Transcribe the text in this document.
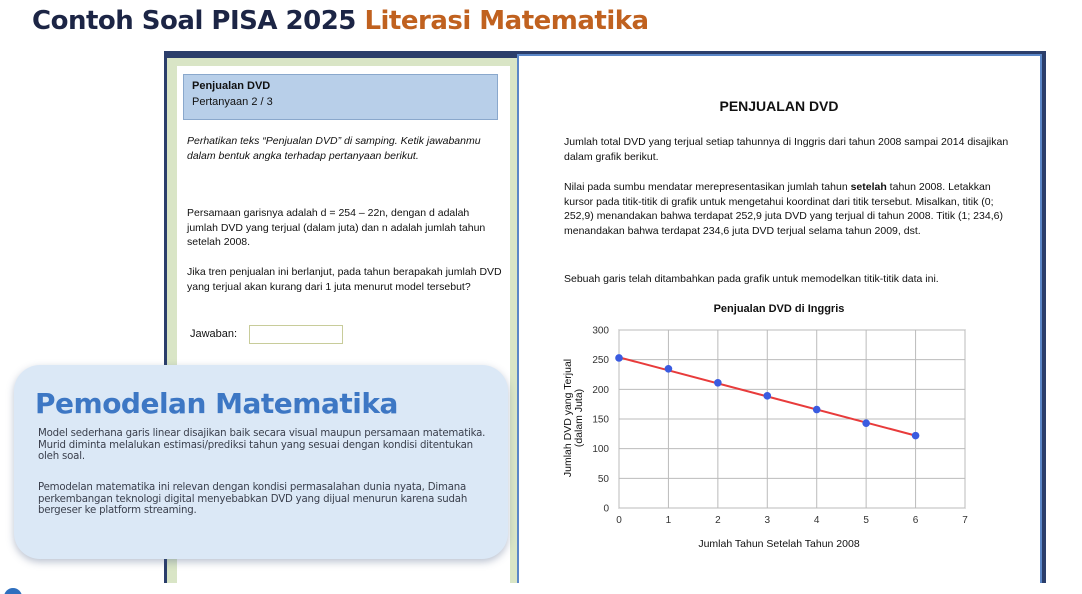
Contoh Soal PISA 2025 Literasi Matematika
Penjualan DVD
Pertanyaan 2 / 3
Perhatikan teks “Penjualan DVD” di samping. Ketik jawabanmu dalam bentuk angka terhadap pertanyaan berikut.
Persamaan garisnya adalah d = 254 – 22n, dengan d adalah jumlah DVD yang terjual (dalam juta) dan n adalah jumlah tahun setelah 2008.
Jika tren penjualan ini berlanjut, pada tahun berapakah jumlah DVD yang terjual akan kurang dari 1 juta menurut model tersebut?
Jawaban:
PENJUALAN DVD
Jumlah total DVD yang terjual setiap tahunnya di Inggris dari tahun 2008 sampai 2014 disajikan dalam grafik berikut.
Nilai pada sumbu mendatar merepresentasikan jumlah tahun setelah tahun 2008. Letakkan kursor pada titik-titik di grafik untuk mengetahui koordinat dari titik tersebut. Misalkan, titik (0; 252,9) menandakan bahwa terdapat 252,9 juta DVD yang terjual di tahun 2008. Titik (1; 234,6) menandakan bahwa terdapat 234,6 juta DVD terjual selama tahun 2009, dst.
Sebuah garis telah ditambahkan pada grafik untuk memodelkan titik-titik data ini.
0	1	2	3	4	5	6	7
0
50
100
150
200
250
300
Penjualan DVD di Inggris
Jumlah Tahun Setelah Tahun 2008
Jumlah DVD yang Terjual (dalam Juta)
Pemodelan Matematika
Model sederhana garis linear disajikan baik secara visual maupun persamaan matematika. Murid diminta melalukan estimasi/prediksi tahun yang sesuai dengan kondisi ditentukan oleh soal.
Pemodelan matematika ini relevan dengan kondisi permasalahan dunia nyata, Dimana perkembangan teknologi digital menyebabkan DVD yang dijual menurun karena sudah bergeser ke platform streaming.
